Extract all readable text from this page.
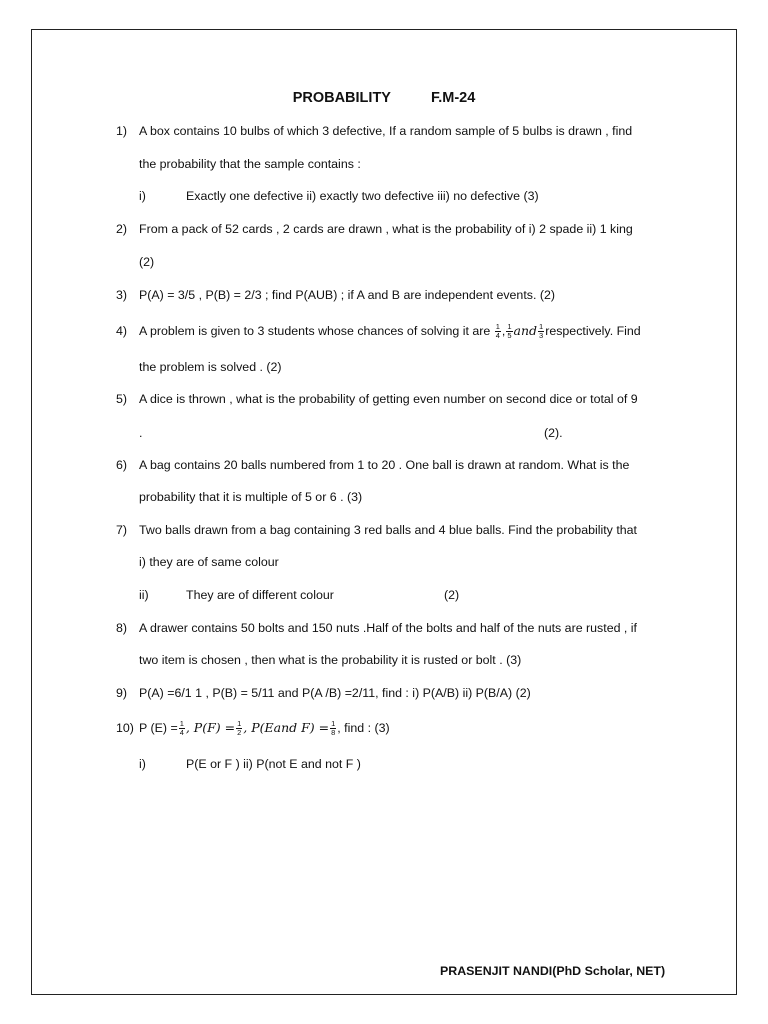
PROBABILITY	F.M-24
1) A box contains 10 bulbs of which 3 defective, If a random sample of 5 bulbs is drawn , find
the probability that the sample contains :
i)	Exactly one defective ii) exactly two defective iii) no defective (3)
2) From a pack of 52 cards , 2 cards are drawn , what is the probability of i) 2 spade ii) 1 king
(2)
3) P(A) = 3/5 , P(B) = 2/3 ; find P(AUB) ; if A and B are independent events. (2)
4) A problem is given to 3 students whose chances of solving it are $\frac{1}{4}$ , $\frac{1}{5}$ and $\frac{1}{3}$ respectively. Find
the problem is solved . (2)
5) A dice is thrown , what is the probability of getting even number on second dice or total of 9
.	(2).
6) A bag contains 20 balls numbered from 1 to 20 . One ball is drawn at random. What is the
probability that it is multiple of 5 or 6 . (3)
7) Two balls drawn from a bag containing 3 red balls and 4 blue balls. Find the probability that
i) they are of same colour
ii)	They are of different colour	(2)
8) A drawer contains 50 bolts and 150 nuts .Half of the bolts and half of the nuts are rusted , if
two item is chosen , then what is the probability it is rusted or bolt . (3)
9) P(A) =6/1 1 , P(B) = 5/11 and P(A /B) =2/11, find : i) P(A/B) ii) P(B/A) (2)
10) P $(E) = \frac{1}{4}$ , $P(F) = \frac{1}{2}$ , P(Eand $F) = \frac{1}{8}$ , find : (3)
i)	P(E or F ) ii) P(not E and not F )
PRASENJIT NANDI(PhD Scholar, NET)
